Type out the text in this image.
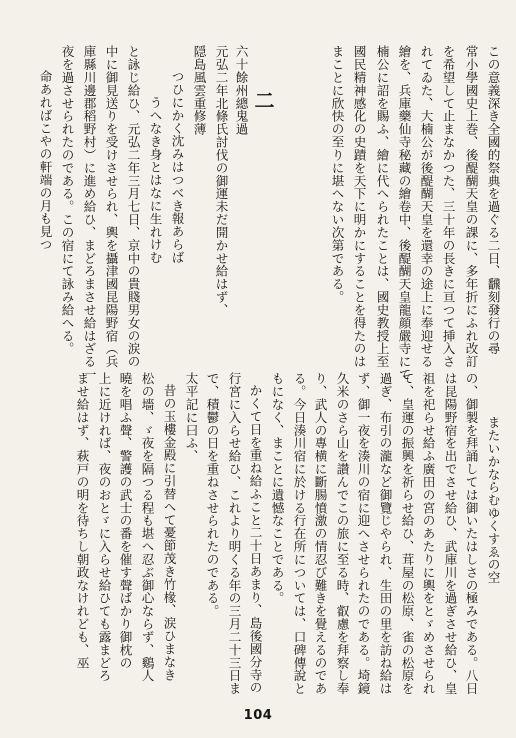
この意義深き全國的祭典を過ぐる二日、飜刻發行の尋
常小學國史上巻、後醍醐天皇の課に、多年折にふれ改訂
を希望して止まなかつた、三十年の長きに亘つて挿入さ
れてゐた、大楠公が後醍醐天皇を還幸の途上に奉迎せる
繪を、兵庫藥仙寺秘藏の繪卷中、後醍醐天皇龍顔嚴寺にて
楠公に詔を賜ふ、繪に代へられたことは、國史教授上至
國民精神感化の史蹟を天下に明かにすることを得たのは
まことに欣快の至りに堪へない次第である。
六十餘州總鬼過
元弘二年北條氏討伐の御運未だ開かせ給はず、
隠島風雲重修薄
つひにかく沈みはつべき報あらば
うへなき身とはなに生れけむ
と詠じ給ひ、元弘二年三月七日、京中の貴賤男女の涙の
中に御見送りを受けさせられ、輿を攝津國昆陽野宿（兵
庫縣川邊郡稻野村）に進め給ひ、まどろまさせ給はざる一
夜を過させられたのである。この宿にて詠み給へる。
命あればこやの軒端の月も見つ	二
またいかならむゆくすゑの空
の、御製を拜誦しては御いたはしさの極みである。八日
は昆陽野宿を出でさせ給ひ、武庫川を過ぎさせ給ひ、皇
祖を祀らせ給ふ廣田の宮のあたりに輿をとゞめさせられ
て、皇運の振興を祈らせ給ひ、茸屋の松原、雀の松原を
過ぎ、布引の瀧など御覽じやられ、生田の里を訪ね給は
ず、御一夜を湊川の宿に迎へさせられたのである。埼鏡
久米のさら山を讃んでこの旅に至る時、叡慮を拜察し奉
り、武人の專横に斷腸憤激の情忍び難きを覺えるのであ
る。今日湊川宿に於ける行在所については、口碑傳說と
もになく、まことに遺憾なことである。
かくて日を重ね給ふこと二十日あまり、島後國分寺の
行宮に入らせ給ひ、これより明くる年の三月二十三日ま
で、積鬱の日を重ねさせられたのである。
太平記に曰ふ、
昔の玉樓金殿に引替へて憂節茂き竹椽、涙ひまなき
松の墻、ゞ夜を隔つる程も堪へ忍ぶ御心ならず、鷄人
曉を唱ふ聲、警護の武士の番を催す聲ばかり御枕の
上に近ければ、夜のおとゞに入らせ給ひても露まどろ
ませ給はず、萩戸の明を待ちし朝政なけれども、巫
104
